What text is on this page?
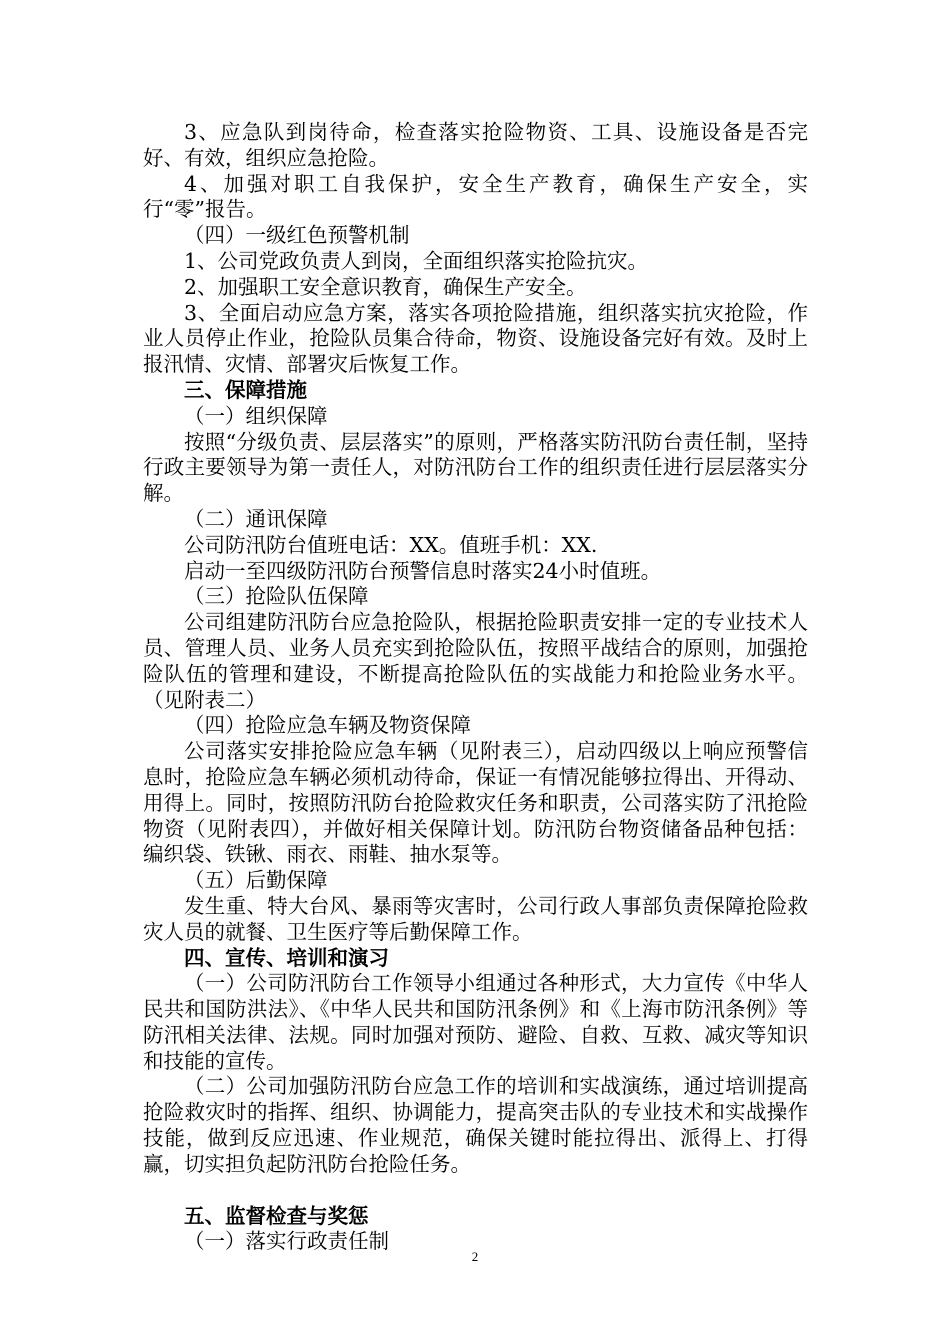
3、应急队到岗待命，检查落实抢险物资、工具、设施设备是否完好、有效，组织应急抢险。

4、加强对职工自我保护，安全生产教育，确保生产安全，实行“零”报告。

（四）一级红色预警机制

1、公司党政负责人到岗，全面组织落实抢险抗灾。

2、加强职工安全意识教育，确保生产安全。

3、全面启动应急方案，落实各项抢险措施，组织落实抗灾抢险，作业人员停止作业，抢险队员集合待命，物资、设施设备完好有效。及时上报汛情、灾情、部署灾后恢复工作。

三、保障措施

（一）组织保障

按照“分级负责、层层落实”的原则，严格落实防汛防台责任制，坚持行政主要领导为第一责任人，对防汛防台工作的组织责任进行层层落实分解。

（二）通讯保障

公司防汛防台值班电话：XX。值班手机：XX.

启动一至四级防汛防台预警信息时落实24小时值班。

（三）抢险队伍保障

公司组建防汛防台应急抢险队，根据抢险职责安排一定的专业技术人员、管理人员、业务人员充实到抢险队伍，按照平战结合的原则，加强抢险队伍的管理和建设，不断提高抢险队伍的实战能力和抢险业务水平。（见附表二）

（四）抢险应急车辆及物资保障

公司落实安排抢险应急车辆（见附表三），启动四级以上响应预警信息时，抢险应急车辆必须机动待命，保证一有情况能够拉得出、开得动、用得上。同时，按照防汛防台抢险救灾任务和职责，公司落实防了汛抢险物资（见附表四），并做好相关保障计划。防汛防台物资储备品种包括：编织袋、铁锹、雨衣、雨鞋、抽水泵等。

（五）后勤保障

发生重、特大台风、暴雨等灾害时，公司行政人事部负责保障抢险救灾人员的就餐、卫生医疗等后勤保障工作。

四、宣传、培训和演习

（一）公司防汛防台工作领导小组通过各种形式，大力宣传《中华人民共和国防洪法》、《中华人民共和国防汛条例》和《上海市防汛条例》等防汛相关法律、法规。同时加强对预防、避险、自救、互救、减灾等知识和技能的宣传。

（二）公司加强防汛防台应急工作的培训和实战演练，通过培训提高抢险救灾时的指挥、组织、协调能力，提高突击队的专业技术和实战操作技能，做到反应迅速、作业规范，确保关键时能拉得出、派得上、打得赢，切实担负起防汛防台抢险任务。

五、监督检查与奖惩

（一）落实行政责任制

2
